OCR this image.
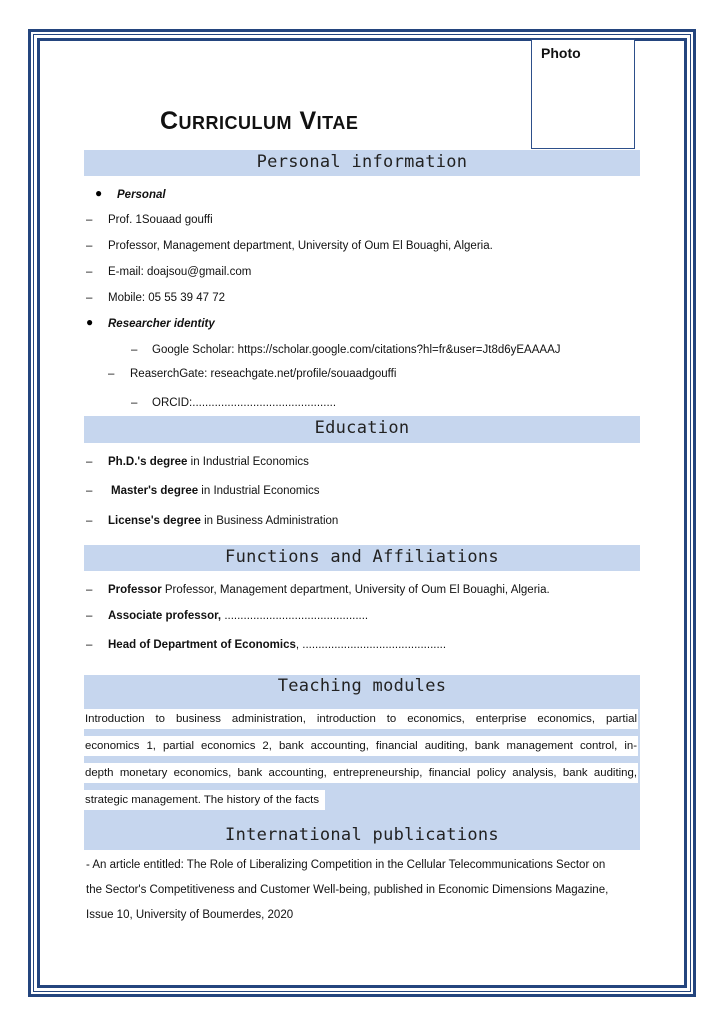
Photo
Curriculum Vitae
Personal information
● Personal
– Prof. 1Souaad gouffi
– Professor, Management department, University of Oum El Bouaghi, Algeria.
– E-mail: doajsou@gmail.com
– Mobile: 05 55 39 47 72
● Researcher identity
– Google Scholar: https://scholar.google.com/citations?hl=fr&user=Jt8d6yEAAAAJ
– ReaserchGate: reseachgate.net/profile/souaadgouffi
– ORCID:.............................................
Education
– Ph.D.'s degree in Industrial Economics
– Master's degree in Industrial Economics
– License's degree in Business Administration
Functions and Affiliations
– Professor Professor, Management department, University of Oum El Bouaghi, Algeria.
– Associate professor, .............................................
– Head of Department of Economics, .............................................
Teaching modules
Introduction to business administration, introduction to economics, enterprise economics, partial
economics 1, partial economics 2, bank accounting, financial auditing, bank management control, in-
depth monetary economics, bank accounting, entrepreneurship, financial policy analysis, bank auditing,
strategic management. The history of the facts
International publications
- An article entitled: The Role of Liberalizing Competition in the Cellular Telecommunications Sector on
the Sector's Competitiveness and Customer Well-being, published in Economic Dimensions Magazine,
Issue 10, University of Boumerdes, 2020
